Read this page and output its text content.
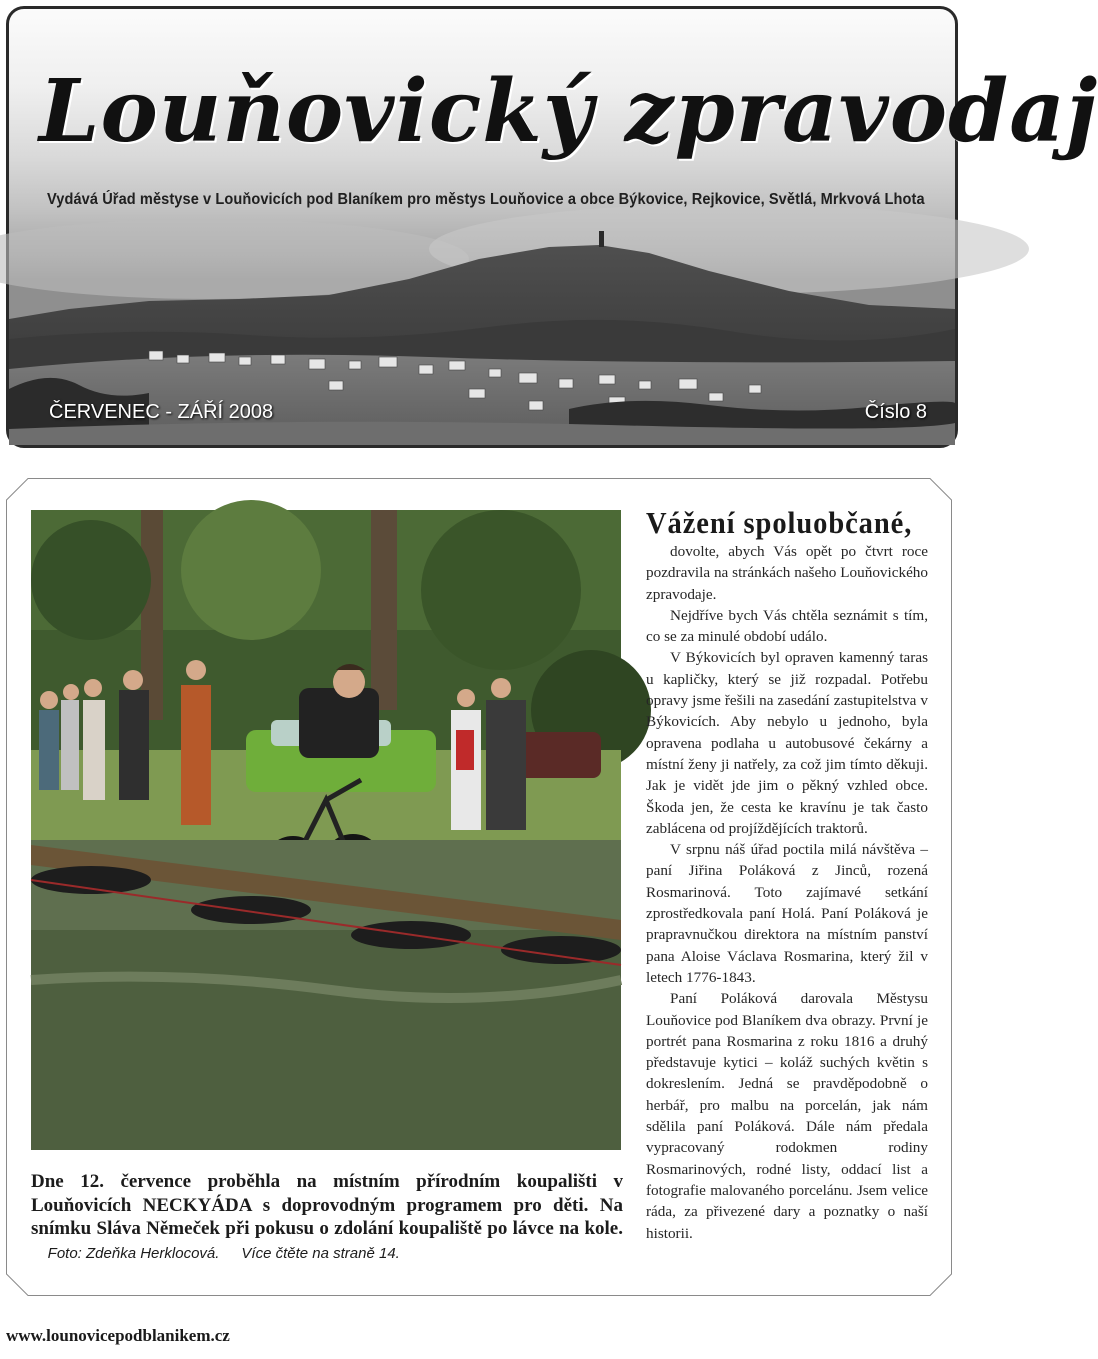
Louňovický zpravodaj
Vydává Úřad městyse v Louňovicích pod Blaníkem pro městys Louňovice a obce Býkovice, Rejkovice, Světlá, Mrkvová Lhota
ČERVENEC - ZÁŘÍ 2008	Číslo 8
Dne 12. července proběhla na místním přírodním koupališti v Louňovicích NECKYÁDA s doprovodným programem pro děti. Na snímku Sláva Němeček při pokusu o zdolání koupaliště po lávce na kole.     Foto: Zdeňka Herklocová. Více čtěte na straně 14.
Vážení spoluobčané,

dovolte, abych Vás opět po čtvrt roce pozdravila na stránkách našeho Louňovického zpravodaje.

Nejdříve bych Vás chtěla seznámit s tím, co se za minulé období událo.

V Býkovicích byl opraven kamenný taras u kapličky, který se již rozpadal. Potřebu opravy jsme řešili na zasedání zastupitelstva v Býkovicích. Aby nebylo u jednoho, byla opravena podlaha u autobusové čekárny a místní ženy ji natřely, za což jim tímto děkuji. Jak je vidět jde jim o pěkný vzhled obce. Škoda jen, že cesta ke kravínu je tak často zablácena od projíždějících traktorů.

V srpnu náš úřad poctila milá návštěva – paní Jiřina Poláková z Jinců, rozená Rosmarinová. Toto zajímavé setkání zprostředkovala paní Holá. Paní Poláková je prapravnučkou direktora na místním panství pana Aloise Václava Rosmarina, který žil v letech 1776-1843.

Paní Poláková darovala Městysu Louňovice pod Blaníkem dva obrazy. První je portrét pana Rosmarina z roku 1816 a druhý představuje kytici – koláž suchých květin s dokreslením. Jedná se pravděpodobně o herbář, pro malbu na porcelán, jak nám sdělila paní Poláková. Dále nám předala vypracovaný rodokmen rodiny Rosmarinových, rodné listy, oddací list a fotografie malovaného porcelánu. Jsem velice ráda, za přivezené dary a poznatky o naší historii.

www.lounovicepodblanikem.cz
